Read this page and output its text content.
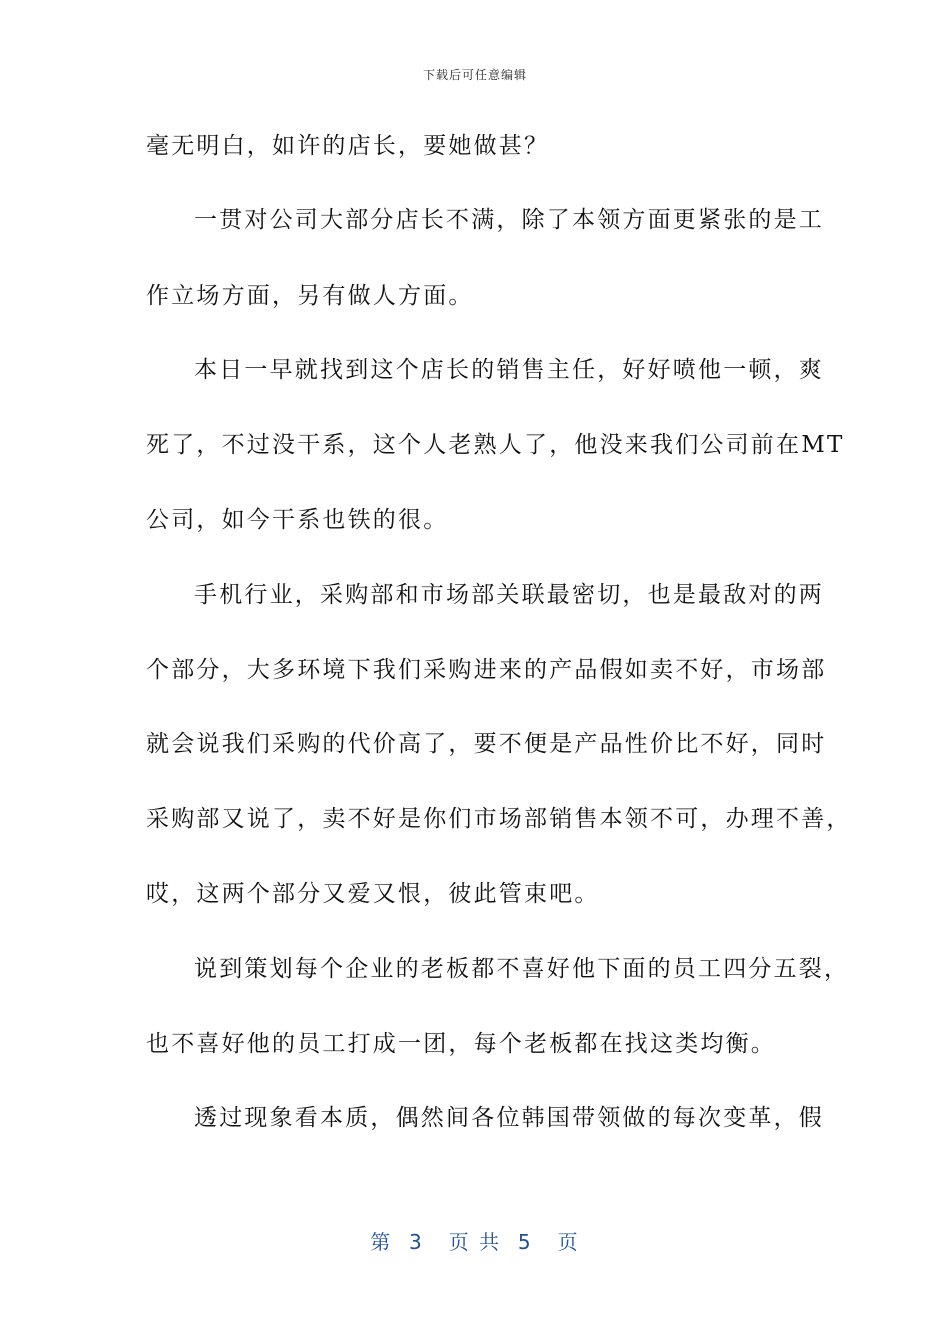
下载后可任意编辑
毫无明白，如许的店长，要她做甚？
一贯对公司大部分店长不满，除了本领方面更紧张的是工
作立场方面，另有做人方面。
本日一早就找到这个店长的销售主任，好好喷他一顿，爽
死了，不过没干系，这个人老熟人了，他没来我们公司前在MT
公司，如今干系也铁的很。
手机行业，采购部和市场部关联最密切，也是最敌对的两
个部分，大多环境下我们采购进来的产品假如卖不好，市场部
就会说我们采购的代价高了，要不便是产品性价比不好，同时
采购部又说了，卖不好是你们市场部销售本领不可，办理不善，
哎，这两个部分又爱又恨，彼此管束吧。
说到策划每个企业的老板都不喜好他下面的员工四分五裂，
也不喜好他的员工打成一团，每个老板都在找这类均衡。
透过现象看本质，偶然间各位韩国带领做的每次变革，假
第  3   页 共  5   页
